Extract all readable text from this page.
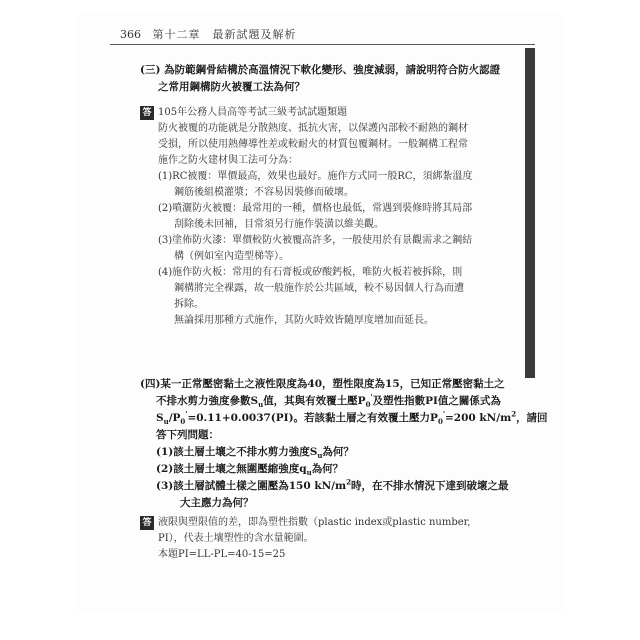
366 第十二章　最新試題及解析
(三) 為防範鋼骨結構於高溫情況下軟化變形、強度減弱，請說明符合防火認證
之常用鋼構防火被覆工法為何？
答 105年公務人員高等考試三級考試試題類題
防火被覆的功能就是分散熱度、抵抗火害，以保護內部較不耐熱的鋼材
受損，所以使用熱傳導性差或較耐火的材質包覆鋼材。一般鋼構工程常
施作之防火建材與工法可分為：
(1)RC被覆：單價最高，效果也最好。施作方式同一般RC，須綁紮溫度
鋼筋後組模灌漿；不容易因裝修而破壞。
(2)噴灑防火被覆：最常用的一種，價格也最低，常遇到裝修時將其局部
刮除後未回補，目常須另行施作裝潢以維美觀。
(3)塗佈防火漆：單價較防火被覆高許多，一般使用於有景觀需求之鋼結
構（例如室內造型梯等）。
(4)施作防火板：常用的有石膏板或矽酸鈣板，唯防火板若被拆除，則
鋼構將完全裸露，故一般施作於公共區域，較不易因個人行為而遭
拆除。
無論採用那種方式施作，其防火時效皆隨厚度增加而延長。
(四)某一正常壓密黏土之液性限度為40，塑性限度為15，已知正常壓密黏土之
不排水剪力強度參數$S_u$值，其與有效覆土壓$P_0'$及塑性指數PI值之關係式為
$S_u/P_0'=0.11+0.0037(PI)$。若該黏土層之有效覆土壓力$P_0'=200$ $kN/m^2$，請回
答下列問題：
(1)該土層土壤之不排水剪力強度$S_u$為何？
(2)該土層土壤之無圍壓縮強度$q_u$為何？
(3)該土層試體土樣之圍壓為150 $kN/m^2$時，在不排水情況下達到破壞之最
大主應力為何？
答 液限與塑限值的差，即為塑性指數（plastic index或plastic number,
PI），代表土壤塑性的含水量範圍。
本題PI=LL-PL=40-15=25
